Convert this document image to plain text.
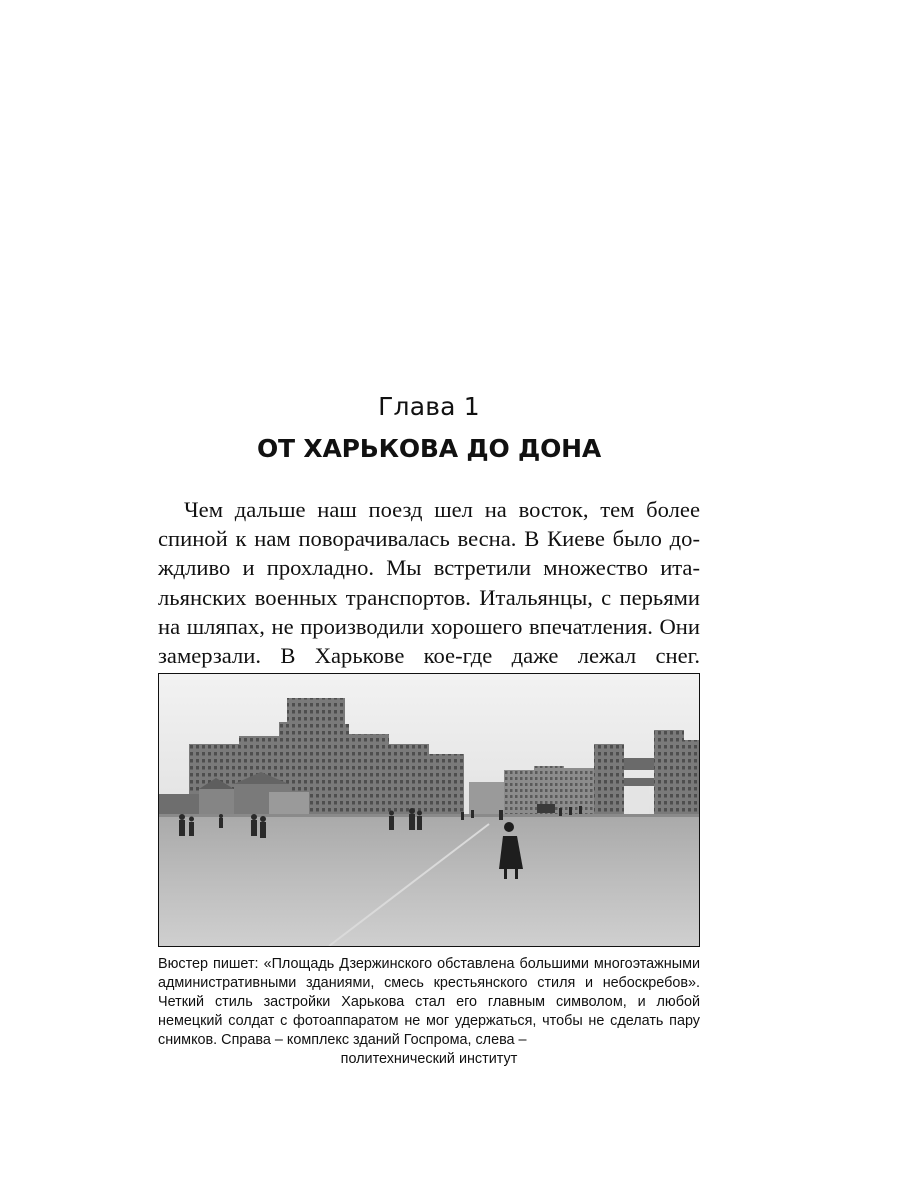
Глава 1
ОТ ХАРЬКОВА ДО ДОНА

Чем дальше наш поезд шел на восток, тем более спиной к нам поворачивалась весна. В Киеве было дождливо и прохладно. Мы встретили множество итальянских военных транспортов. Итальянцы, с перьями на шляпах, не производили хорошего впечатления. Они замерзали. В Харькове кое-где даже лежал снег.

Вюстер пишет: «Площадь Дзержинского обставлена большими многоэтажными административными зданиями, смесь крестьянского стиля и небоскребов». Четкий стиль застройки Харькова стал его главным символом, и любой немецкий солдат с фотоаппаратом не мог удержаться, чтобы не сделать пару снимков. Справа – комплекс зданий Госпрома, слева –
политехнический институт
